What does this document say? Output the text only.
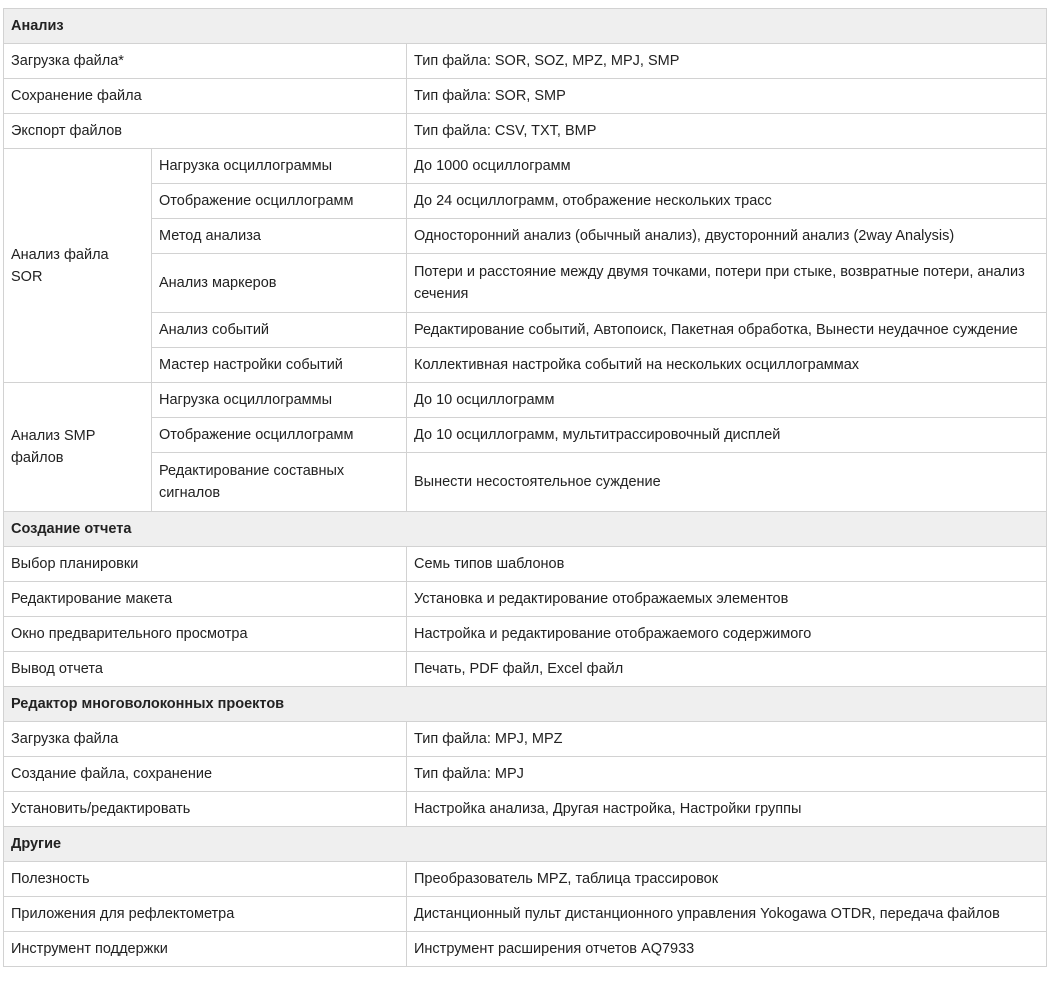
Анализ		
Загрузка файла*		Тип файла: SOR, SOZ, MPZ, MPJ, SMP
Сохранение файла		Тип файла: SOR, SMP
Экспорт файлов		Тип файла: CSV, TXT, BMP
Анализ файла SOR	Нагрузка осциллограммы	До 1000 осциллограмм
	Отображение осциллограмм	До 24 осциллограмм, отображение нескольких трасс
	Метод анализа	Односторонний анализ (обычный анализ), двусторонний анализ (2way Analysis)
	Анализ маркеров	Потери и расстояние между двумя точками, потери при стыке, возвратные потери, анализ сечения
	Анализ событий	Редактирование событий, Автопоиск, Пакетная обработка, Вынести неудачное суждение
	Мастер настройки событий	Коллективная настройка событий на нескольких осциллограммах
Анализ SMP файлов	Нагрузка осциллограммы	До 10 осциллограмм
	Отображение осциллограмм	До 10 осциллограмм, мультитрассировочный дисплей
	Редактирование составных сигналов	Вынести несостоятельное суждение
Создание отчета		
Выбор планировки		Семь типов шаблонов
Редактирование макета		Установка и редактирование отображаемых элементов
Окно предварительного просмотра		Настройка и редактирование отображаемого содержимого
Вывод отчета		Печать, PDF файл, Excel файл
Редактор многоволоконных проектов		
Загрузка файла		Тип файла: MPJ, MPZ
Создание файла, сохранение		Тип файла: MPJ
Установить/редактировать		Настройка анализа, Другая настройка, Настройки группы
Другие		
Полезность		Преобразователь MPZ, таблица трассировок
Приложения для рефлектометра		Дистанционный пульт дистанционного управления Yokogawa OTDR, передача файлов
Инструмент поддержки		Инструмент расширения отчетов AQ7933
